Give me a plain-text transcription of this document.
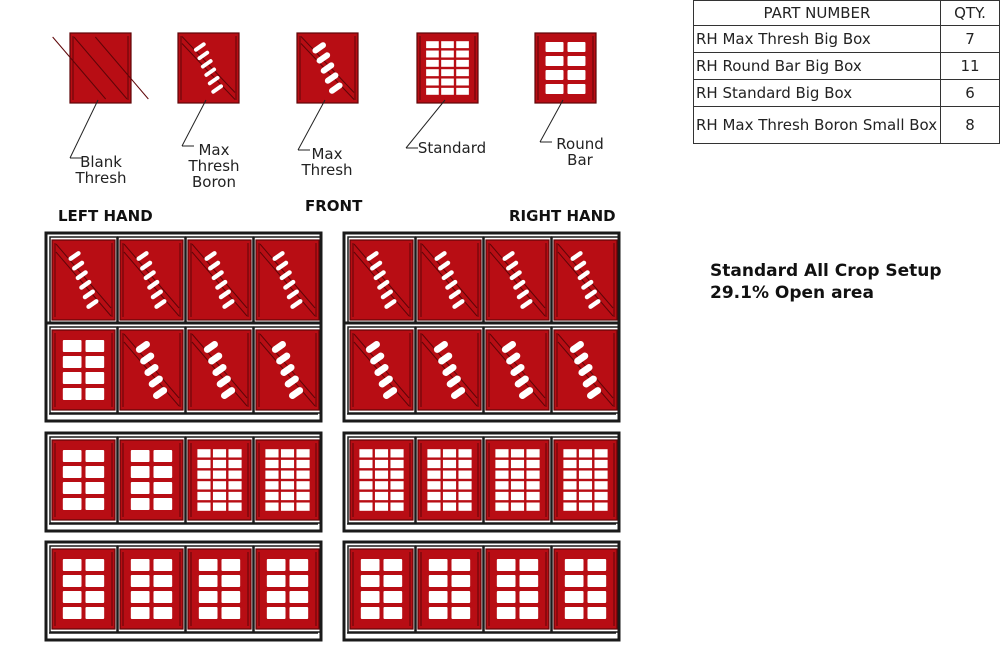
PART NUMBER	QTY.
RH Max Thresh Big Box	7
RH Round Bar Big Box	11
RH Standard Big Box	6
RH Max Thresh Boron Small Box	8
Blank
Thresh
Max
Thresh
Boron
Max
Thresh
Standard	Round
Bar
LEFT HAND
FRONT
RIGHT HAND
Standard All Crop Setup
29.1% Open area
